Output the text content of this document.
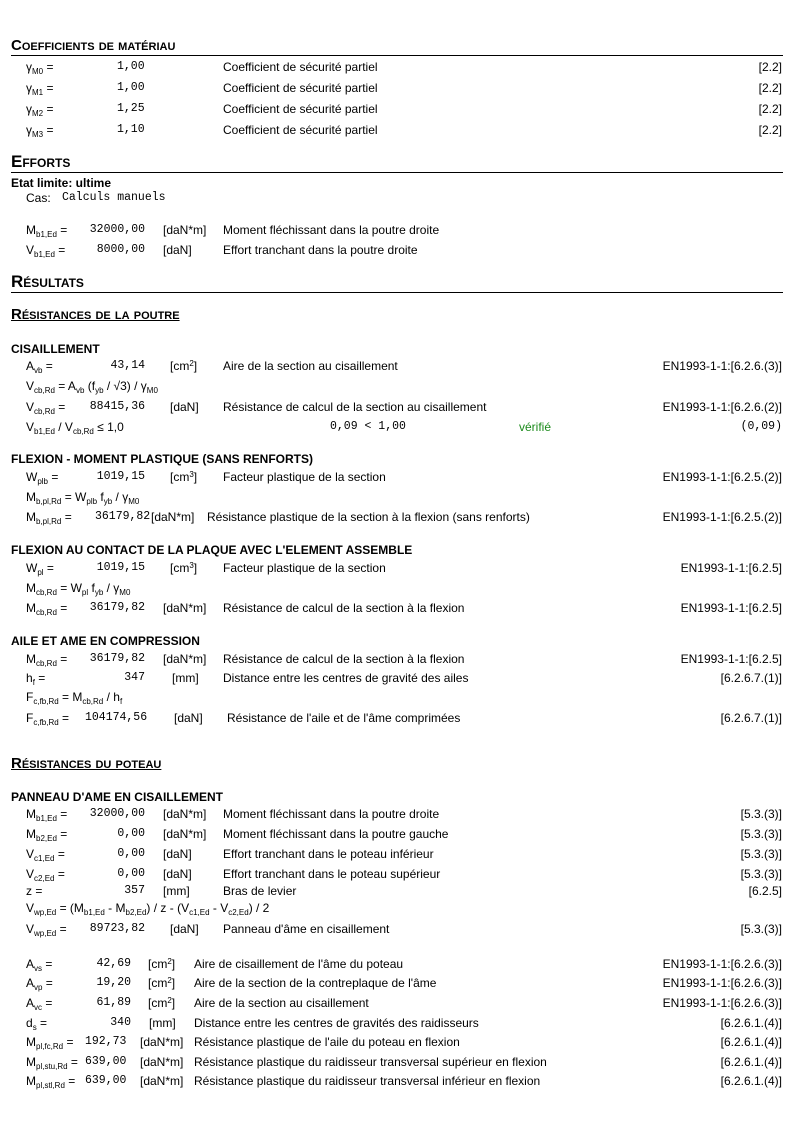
Coefficients de matériau
$\gamma_{M0}$ =	1,00	Coefficient de sécurité partiel	[2.2]
$\gamma_{M1}$ =	1,00	Coefficient de sécurité partiel	[2.2]
$\gamma_{M2}$ =	1,25	Coefficient de sécurité partiel	[2.2]
$\gamma_{M3}$ =	1,10	Coefficient de sécurité partiel	[2.2]
Efforts
Etat limite: ultime
Cas: Calculs manuels
$M_{b1,Ed} = 32000,00$ [daN*m] Moment fléchissant dans la poutre droite
$V_{b1,Ed}$ =	8000,00 [daN]	Effort tranchant dans la poutre droite
Résultats
Résistances de la poutre
CISAILLEMENT
$A_{vb}$ =	43,14 $[cm^2]$ Aire de la section au cisaillement	EN1993-1-1:[6.2.6.(3)]
$V_{cb,Rd} = A_{vb}$ $(f_{yb} / √3) / \gamma_{M0}$
$V_{cb,Rd} = 88415,36$ [daN] Résistance de calcul de la section au cisaillement	EN1993-1-1:[6.2.6.(2)]
$V_{b1,Ed} / V_{cb,Rd} \le 1,0$	0,09 < 1,00	vérifié	(0,09)
FLEXION - MOMENT PLASTIQUE (SANS RENFORTS)
$W_{plb}$ =	1019,15 $[cm^3]$ Facteur plastique de la section	EN1993-1-1:[6.2.5.(2)]
$M_{b,pl,Rd} = W_{plb}$ $f_{yb} / \gamma_{M0}$
$M_{b,pl,Rd} = 36179,82$ [daN*m] Résistance plastique de la section à la flexion (sans renforts)	EN1993-1-1:[6.2.5.(2)]
FLEXION AU CONTACT DE LA PLAQUE AVEC L'ELEMENT ASSEMBLE
$W_{pl}$ =	1019,15 $[cm^3]$ Facteur plastique de la section	EN1993-1-1:[6.2.5]
$M_{cb,Rd} = W_{pl}$ $f_{yb} / \gamma_{M0}$
$M_{cb,Rd} = 36179,82$ [daN*m] Résistance de calcul de la section à la flexion	EN1993-1-1:[6.2.5]
AILE ET AME EN COMPRESSION
$M_{cb,Rd} = 36179,82$ [daN*m] Résistance de calcul de la section à la flexion	EN1993-1-1:[6.2.5]
$h_f$ =	347 [mm] Distance entre les centres de gravité des ailes	[6.2.6.7.(1)]
$F_{c,fb,Rd} = M_{cb,Rd} / h_f$
$F_{c,fb,Rd} = 104174,56$ [daN] Résistance de l'aile et de l'âme comprimées	[6.2.6.7.(1)]
Résistances du poteau
PANNEAU D'AME EN CISAILLEMENT
$M_{b1,Ed} = 32000,00$ [daN*m] Moment fléchissant dans la poutre droite	[5.3.(3)]
$M_{b2,Ed}$ =	0,00 [daN*m] Moment fléchissant dans la poutre gauche	[5.3.(3)]
$V_{c1,Ed}$ =	0,00 [daN]	Effort tranchant dans le poteau inférieur	[5.3.(3)]
$V_{c2,Ed}$ =	0,00 [daN]	Effort tranchant dans le poteau supérieur	[5.3.(3)]
z =	357 [mm]	Bras de levier	[6.2.5]
$V_{wp,Ed} = (M_{b1,Ed} - M_{b2,Ed}) / z - (V_{c1,Ed} - V_{c2,Ed}) / 2$
$V_{wp,Ed} = 89723,82$ [daN] Panneau d'âme en cisaillement	[5.3.(3)]
$A_{vs}$ =	42,69 $[cm^2]$ Aire de cisaillement de l'âme du poteau	EN1993-1-1:[6.2.6.(3)]
$A_{vp}$ =	19,20 $[cm^2]$ Aire de la section de la contreplaque de l'âme	EN1993-1-1:[6.2.6.(3)]
$A_{vc}$ =	61,89 $[cm^2]$ Aire de la section au cisaillement	EN1993-1-1:[6.2.6.(3)]
$d_s$ =	340 [mm] Distance entre les centres de gravités des raidisseurs	[6.2.6.1.(4)]
$M_{pl,fc,Rd} = 192,73$ [daN*m] Résistance plastique de l'aile du poteau en flexion	[6.2.6.1.(4)]
$M_{pl,stu,Rd} = 639,00$ [daN*m] Résistance plastique du raidisseur transversal supérieur en flexion	[6.2.6.1.(4)]
$M_{pl,stl,Rd} = 639,00$ [daN*m] Résistance plastique du raidisseur transversal inférieur en flexion	[6.2.6.1.(4)]
